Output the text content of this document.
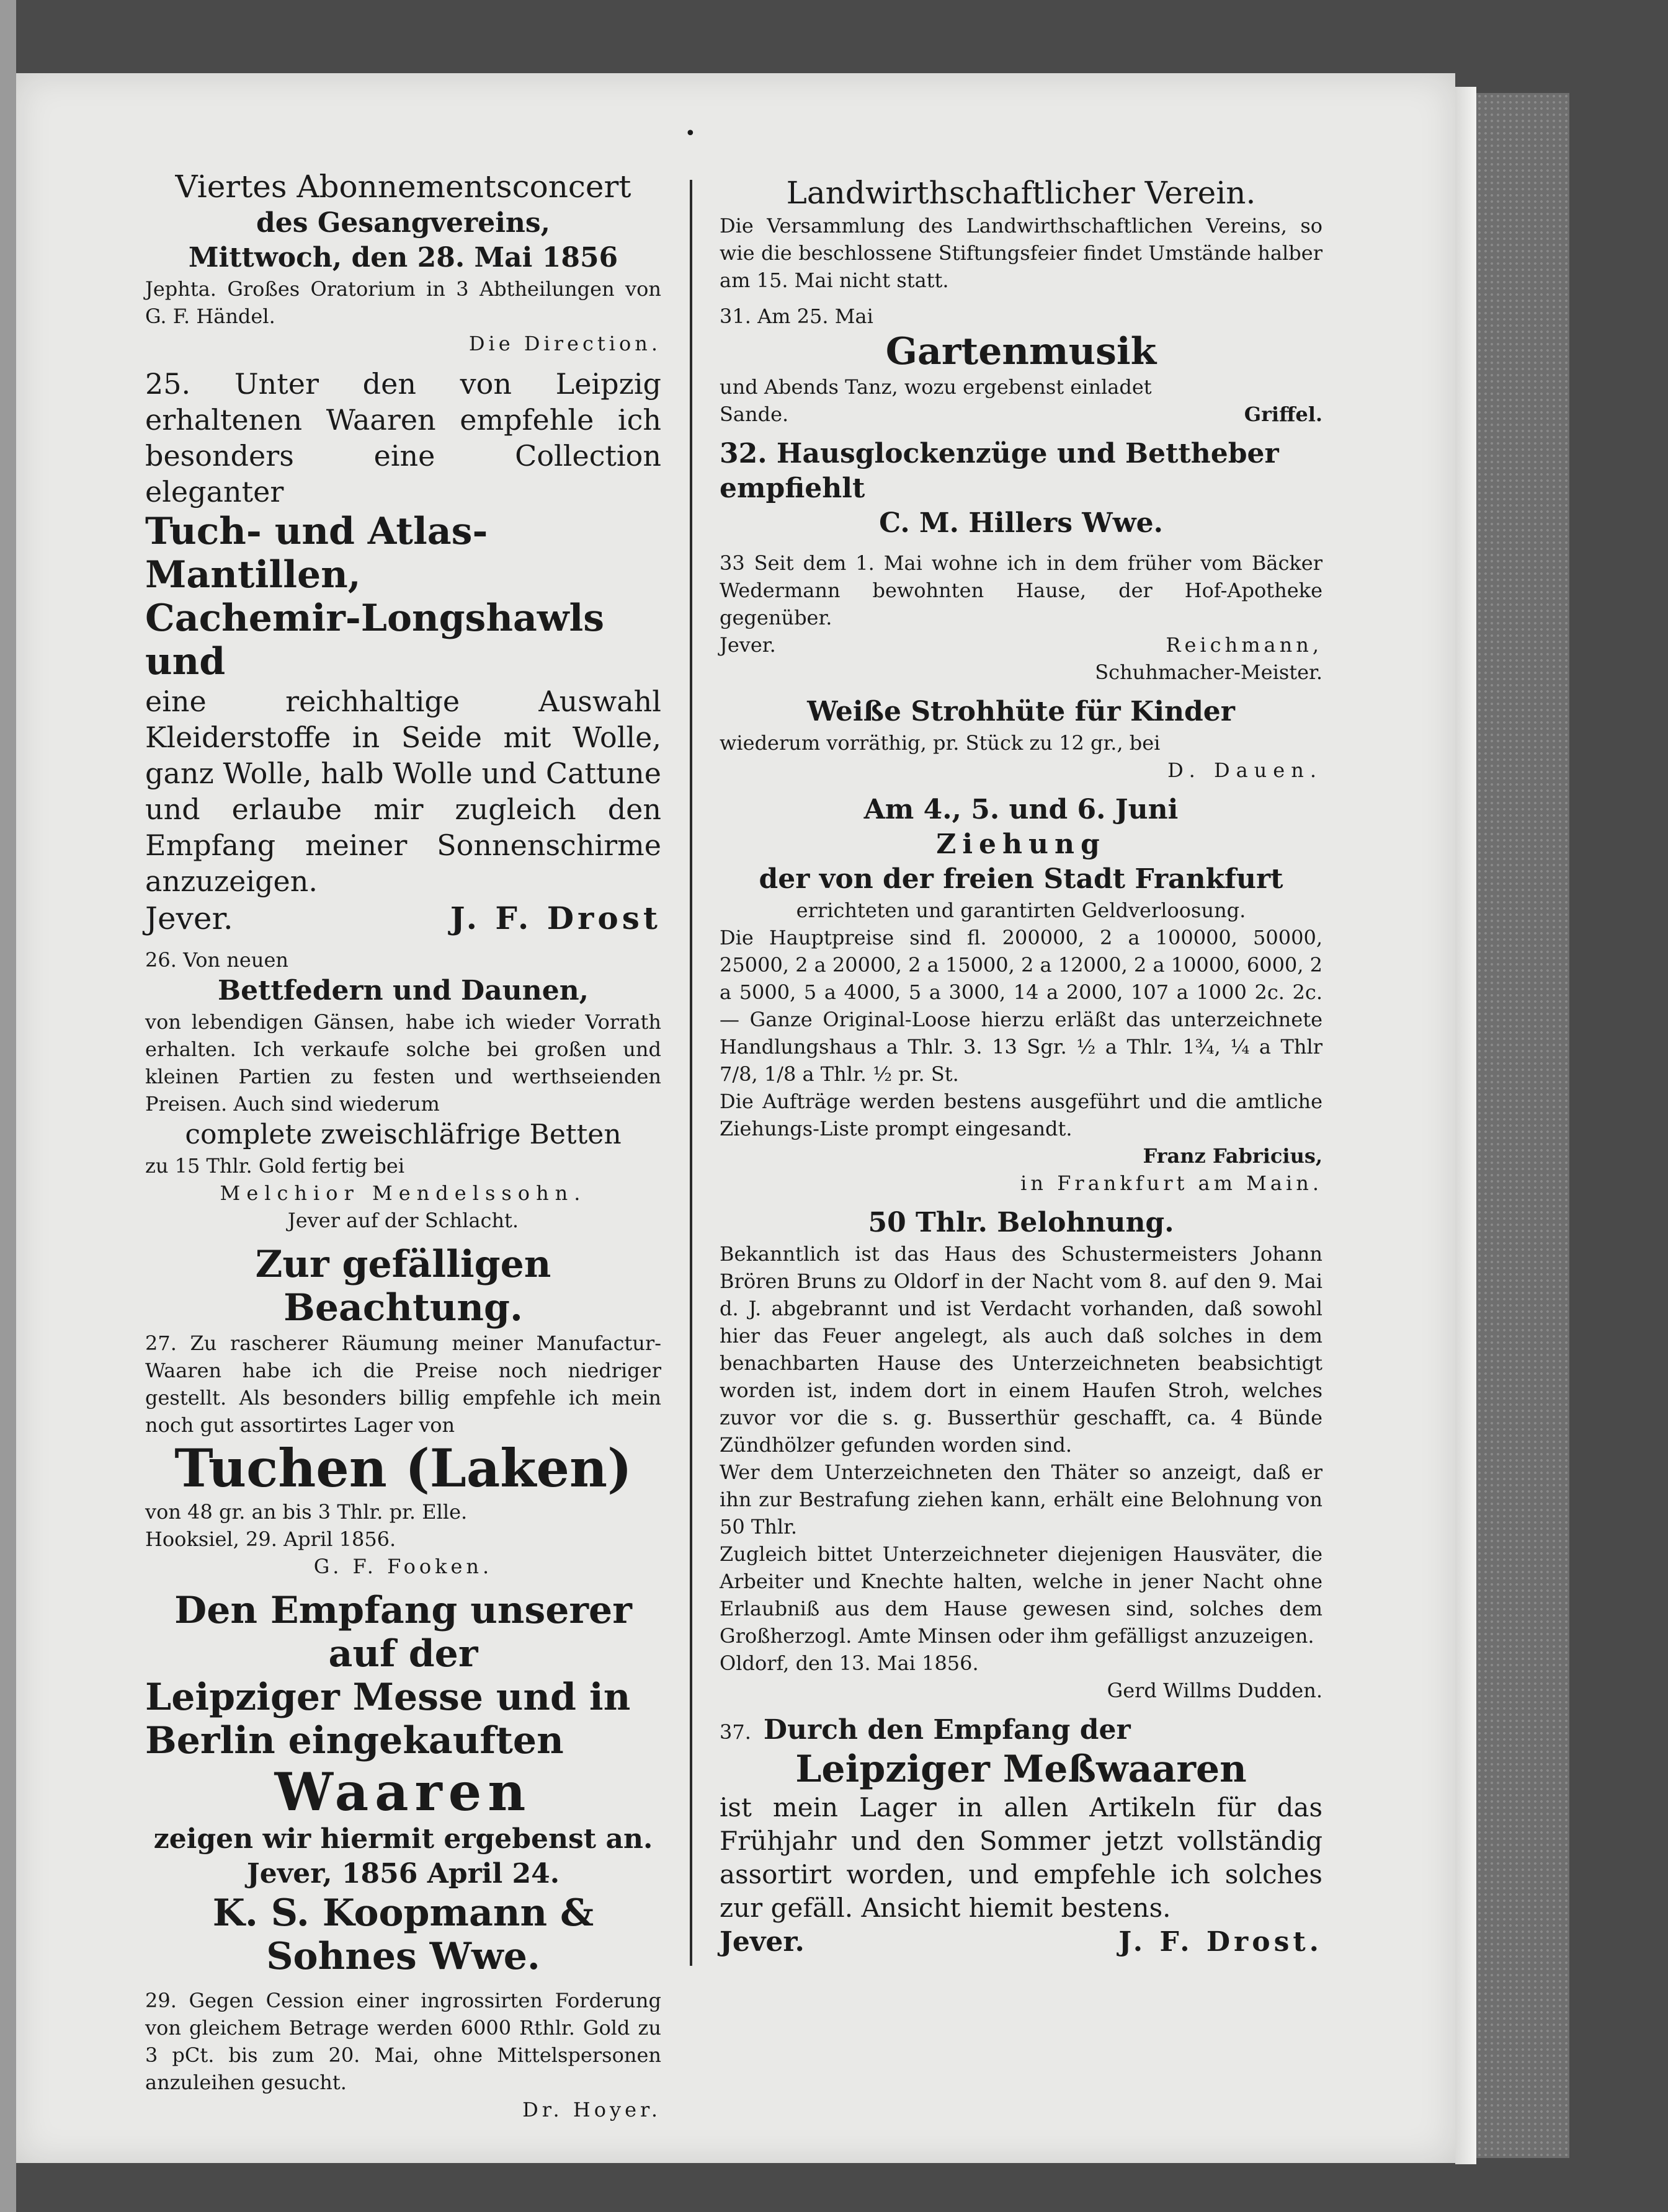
•

Viertes Abonnementsconcert

des Gesangvereins,

Mittwoch, den 28. Mai 1856

Jephta. Großes Oratorium in 3 Abtheilungen von G. F. Händel.

Die Direction.

25. Unter den von Leipzig erhaltenen Waaren empfehle ich besonders eine Collection eleganter

Tuch- und Atlas-Mantillen,

Cachemir-Longshawls und

eine reichhaltige Auswahl Kleiderstoffe in Seide mit Wolle, ganz Wolle, halb Wolle und Cattune und erlaube mir zugleich den Empfang meiner Sonnenschirme anzuzeigen.

Jever.	J. F. Drost

26. Von neuen

Bettfedern und Daunen,

von lebendigen Gänsen, habe ich wieder Vorrath erhalten. Ich verkaufe solche bei großen und kleinen Partien zu festen und werthseienden Preisen. Auch sind wiederum

complete zweischläfrige Betten

zu 15 Thlr. Gold fertig bei

Melchior Mendelssohn.

Jever auf der Schlacht.

Zur gefälligen Beachtung.

27. Zu rascherer Räumung meiner Manufactur-Waaren habe ich die Preise noch niedriger gestellt. Als besonders billig empfehle ich mein noch gut assortirtes Lager von

Tuchen (Laken)

von 48 gr. an bis 3 Thlr. pr. Elle.

Hooksiel, 29. April 1856.

G. F. Fooken.

Den Empfang unserer auf der

Leipziger Messe und in

Berlin eingekauften

Waaren

zeigen wir hiermit ergebenst an.

Jever, 1856 April 24.

K. S. Koopmann &

Sohnes Wwe.

29. Gegen Cession einer ingrossirten Forderung von gleichem Betrage werden 6000 Rthlr. Gold zu 3 pCt. bis zum 20. Mai, ohne Mittelspersonen anzuleihen gesucht.

Dr. Hoyer.

Landwirthschaftlicher Verein.

Die Versammlung des Landwirthschaftlichen Vereins, so wie die beschlossene Stiftungsfeier findet Umstände halber am 15. Mai nicht statt.

31. Am 25. Mai

Gartenmusik

und Abends Tanz, wozu ergebenst einladet

Sande.	Griffel.

32. Hausglockenzüge und Bettheber empfiehlt

C. M. Hillers Wwe.

33 Seit dem 1. Mai wohne ich in dem früher vom Bäcker Wedermann bewohnten Hause, der Hof-Apotheke gegenüber.

Jever.	Reichmann,

Schuhmacher-Meister.

Weiße Strohhüte für Kinder

wiederum vorräthig, pr. Stück zu 12 gr., bei

D. Dauen.

Am 4., 5. und 6. Juni

Ziehung

der von der freien Stadt Frankfurt

errichteten und garantirten Geldverloosung.

Die Hauptpreise sind fl. 200000, 2 a 100000, 50000, 25000, 2 a 20000, 2 a 15000, 2 a 12000, 2 a 10000, 6000, 2 a 5000, 5 a 4000, 5 a 3000, 14 a 2000, 107 a 1000 2c. 2c. — Ganze Original-Loose hierzu erläßt das unterzeichnete Handlungshaus a Thlr. 3. 13 Sgr. ½ a Thlr. 1¾, ¼ a Thlr 7/8, 1/8 a Thlr. ½ pr. St.

Die Aufträge werden bestens ausgeführt und die amtliche Ziehungs-Liste prompt eingesandt.

Franz Fabricius,

in Frankfurt am Main.

50 Thlr. Belohnung.

Bekanntlich ist das Haus des Schustermeisters Johann Brören Bruns zu Oldorf in der Nacht vom 8. auf den 9. Mai d. J. abgebrannt und ist Verdacht vorhanden, daß sowohl hier das Feuer angelegt, als auch daß solches in dem benachbarten Hause des Unterzeichneten beabsichtigt worden ist, indem dort in einem Haufen Stroh, welches zuvor vor die s. g. Busserthür geschafft, ca. 4 Bünde Zündhölzer gefunden worden sind.

Wer dem Unterzeichneten den Thäter so anzeigt, daß er ihn zur Bestrafung ziehen kann, erhält eine Belohnung von 50 Thlr.

Zugleich bittet Unterzeichneter diejenigen Hausväter, die Arbeiter und Knechte halten, welche in jener Nacht ohne Erlaubniß aus dem Hause gewesen sind, solches dem Großherzogl. Amte Minsen oder ihm gefälligst anzuzeigen.

Oldorf, den 13. Mai 1856.

Gerd Willms Dudden.

37. Durch den Empfang der

Leipziger Meßwaaren

ist mein Lager in allen Artikeln für das Frühjahr und den Sommer jetzt vollständig assortirt worden, und empfehle ich solches zur gefäll. Ansicht hiemit bestens.

Jever.	J. F. Drost.
